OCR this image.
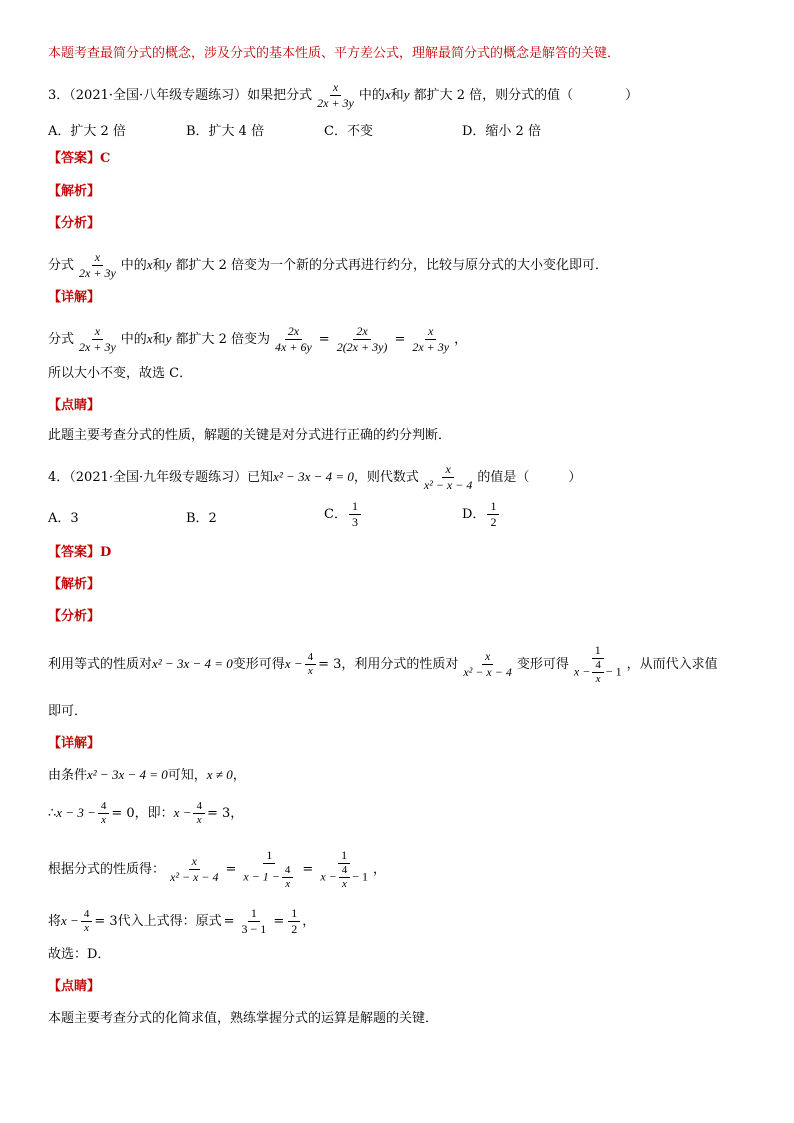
本题考查最简分式的概念，涉及分式的基本性质、平方差公式，理解最简分式的概念是解答的关键．
3．（2021·全国·八年级专题练习）如果把分式 $\frac{x}{2x + 3y}$ 中的x和y 都扩大 2 倍，则分式的值（　　　　）
A．扩大 2 倍	B．扩大 4 倍	C．不变	D．缩小 2 倍
【答案】C
【解析】
【分析】
分式 $\frac{x}{2x + 3y}$ 中的x和y 都扩大 2 倍变为一个新的分式再进行约分，比较与原分式的大小变化即可．
【详解】
分式 $\frac{x}{2x + 3y}$ 中的x和y 都扩大 2 倍变为 $\frac{2x}{4x + 6y} = \frac{2x}{2(2x + 3y)} = \frac{x}{2x + 3y}$ ，
所以大小不变，故选 C．
【点睛】
此题主要考查分式的性质，解题的关键是对分式进行正确的约分判断．
4．（2021·全国·九年级专题练习）已知x² − 3x − 4 = 0，则代数式 $\frac{x}{\text{x² − x − 4}}$ 的值是（　　　）
A．3	B．2	C． $\frac{1}{3}$	D． $\frac{1}{2}$
【答案】D
【解析】
【分析】
利用等式的性质对x² − 3x − 4 = 0变形可得$x - \frac{4}{x} = 3$，利用分式的性质对 $\frac{x}{\text{x² − x − 4}}$ 变形可得 $\frac{1}{x - \frac{4}{x} - 1}$ ，从而代入求值
即可．
【详解】
由条件x² − 3x − 4 = 0可知，x ≠ 0，
∴x − $3 - \frac{4}{x} = 0$，即：$x - \frac{4}{x} = 3$，
根据分式的性质得： $\frac{x}{\text{x² − x − 4}} = \frac{1}{x - 1 - \frac{4}{x}} = \frac{1}{x - \frac{4}{x} - 1}$ ，
将$x - \frac{4}{x} = 3$代入上式得：原式 = $\frac{1}{3 - 1} = \frac{1}{2}$ ，
故选：D．
【点睛】
本题主要考查分式的化简求值，熟练掌握分式的运算是解题的关键．
